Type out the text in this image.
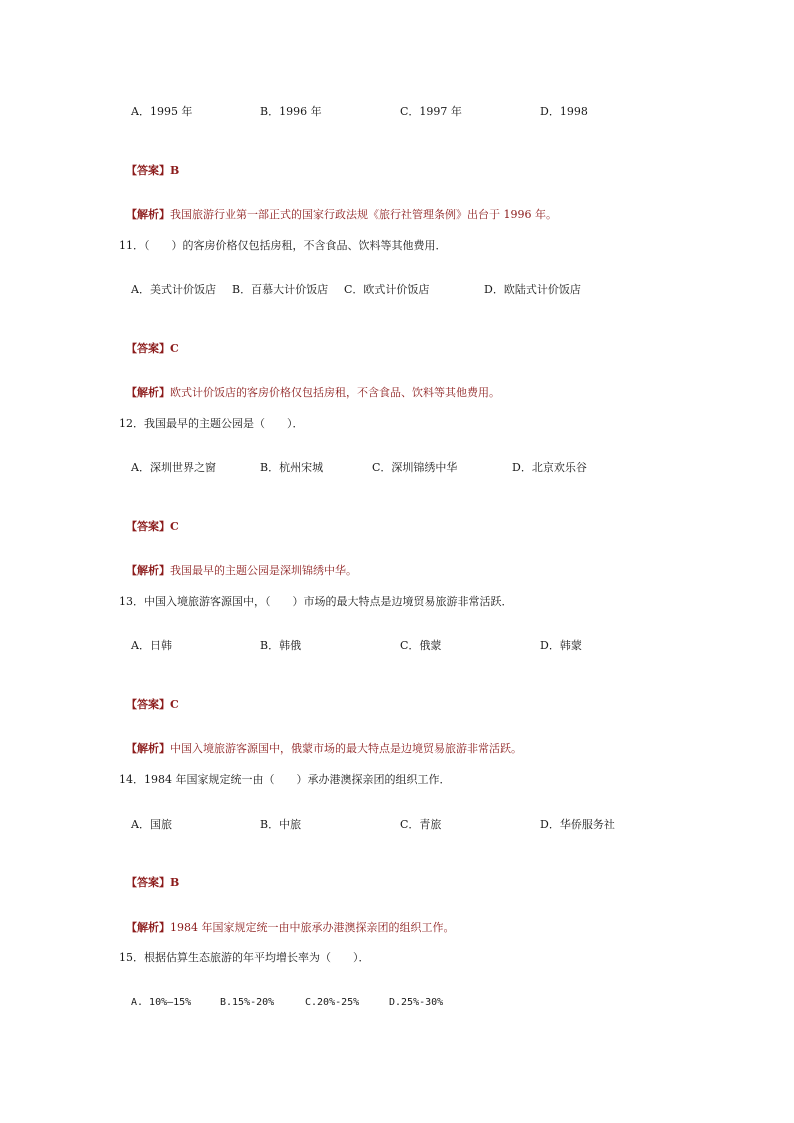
A．1995 年	B．1996 年	C．1997 年	D．1998

【答案】B

【解析】我国旅游行业第一部正式的国家行政法规《旅行社管理条例》出台于 1996 年。

11．（　　）的客房价格仅包括房租，不含食品、饮料等其他费用．
A．美式计价饭店 B．百慕大计价饭店 C．欧式计价饭店	D．欧陆式计价饭店

【答案】C

【解析】欧式计价饭店的客房价格仅包括房租，不含食品、饮料等其他费用。

12．我国最早的主题公园是（　　）．
A．深圳世界之窗	B．杭州宋城	C．深圳锦绣中华	D．北京欢乐谷

【答案】C

【解析】我国最早的主题公园是深圳锦绣中华。

13．中国入境旅游客源国中，（　　）市场的最大特点是边境贸易旅游非常活跃．
A．日韩	B．韩俄	C．俄蒙	D．韩蒙

【答案】C

【解析】中国入境旅游客源国中，俄蒙市场的最大特点是边境贸易旅游非常活跃。

14．1984 年国家规定统一由（　　）承办港澳探亲团的组织工作．
A．国旅	B．中旅	C．青旅	D．华侨服务社

【答案】B

【解析】1984 年国家规定统一由中旅承办港澳探亲团的组织工作。

15．根据估算生态旅游的年平均增长率为（　　）．
A. 10%—15%	B.15%-20%	C.20%-25%	D.25%-30%
